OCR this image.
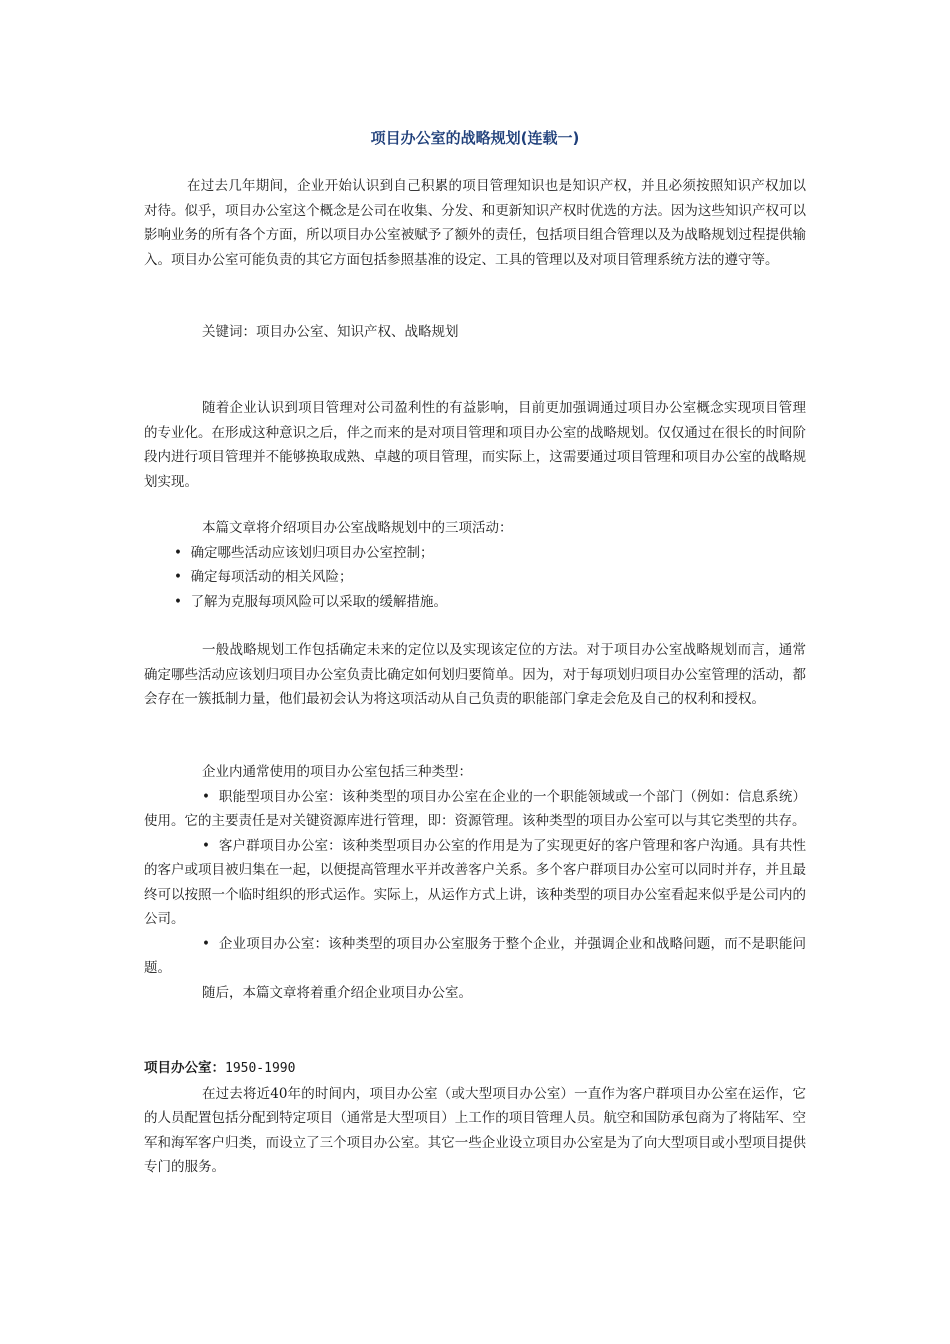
项目办公室的战略规划(连载一)

在过去几年期间，企业开始认识到自己积累的项目管理知识也是知识产权，并且必须按照知识产权加以对待。似乎，项目办公室这个概念是公司在收集、分发、和更新知识产权时优选的方法。因为这些知识产权可以影响业务的所有各个方面，所以项目办公室被赋予了额外的责任，包括项目组合管理以及为战略规划过程提供输入。项目办公室可能负责的其它方面包括参照基准的设定、工具的管理以及对项目管理系统方法的遵守等。

关键词：项目办公室、知识产权、战略规划

随着企业认识到项目管理对公司盈利性的有益影响，目前更加强调通过项目办公室概念实现项目管理的专业化。在形成这种意识之后，伴之而来的是对项目管理和项目办公室的战略规划。仅仅通过在很长的时间阶段内进行项目管理并不能够换取成熟、卓越的项目管理，而实际上，这需要通过项目管理和项目办公室的战略规划实现。

本篇文章将介绍项目办公室战略规划中的三项活动：

• 确定哪些活动应该划归项目办公室控制；

• 确定每项活动的相关风险；

• 了解为克服每项风险可以采取的缓解措施。

一般战略规划工作包括确定未来的定位以及实现该定位的方法。对于项目办公室战略规划而言，通常确定哪些活动应该划归项目办公室负责比确定如何划归要简单。因为，对于每项划归项目办公室管理的活动，都会存在一簇抵制力量，他们最初会认为将这项活动从自己负责的职能部门拿走会危及自己的权利和授权。

企业内通常使用的项目办公室包括三种类型：

• 职能型项目办公室：该种类型的项目办公室在企业的一个职能领域或一个部门（例如：信息系统）使用。它的主要责任是对关键资源库进行管理，即：资源管理。该种类型的项目办公室可以与其它类型的共存。

• 客户群项目办公室：该种类型项目办公室的作用是为了实现更好的客户管理和客户沟通。具有共性的客户或项目被归集在一起，以便提高管理水平并改善客户关系。多个客户群项目办公室可以同时并存，并且最终可以按照一个临时组织的形式运作。实际上，从运作方式上讲，该种类型的项目办公室看起来似乎是公司内的公司。

• 企业项目办公室：该种类型的项目办公室服务于整个企业，并强调企业和战略问题，而不是职能问题。

随后，本篇文章将着重介绍企业项目办公室。

项目办公室：1950-1990

在过去将近40年的时间内，项目办公室（或大型项目办公室）一直作为客户群项目办公室在运作，它的人员配置包括分配到特定项目（通常是大型项目）上工作的项目管理人员。航空和国防承包商为了将陆军、空军和海军客户归类，而设立了三个项目办公室。其它一些企业设立项目办公室是为了向大型项目或小型项目提供专门的服务。
